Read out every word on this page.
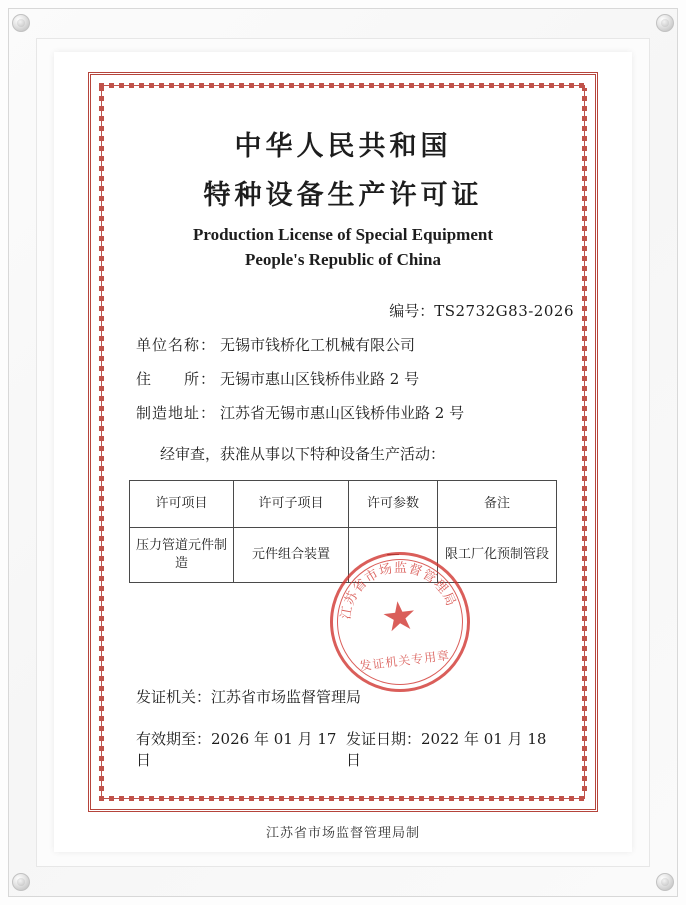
中华人民共和国
特种设备生产许可证
Production License of Special Equipment
People's Republic of China
编号：TS2732G83-2026
单位名称： 无锡市钱桥化工机械有限公司
住　　所： 无锡市惠山区钱桥伟业路 2 号
制造地址： 江苏省无锡市惠山区钱桥伟业路 2 号
经审查，获准从事以下特种设备生产活动：
许可项目	许可子项目	许可参数	备注
压力管道元件制造	元件组合装置	—	限工厂化预制管段
发证机关：江苏省市场监督管理局
有效期至：2026 年 01 月 17 日
发证日期：2022 年 01 月 18 日
江苏省市场监督管理局
★
发证机关专用章
江苏省市场监督管理局制
